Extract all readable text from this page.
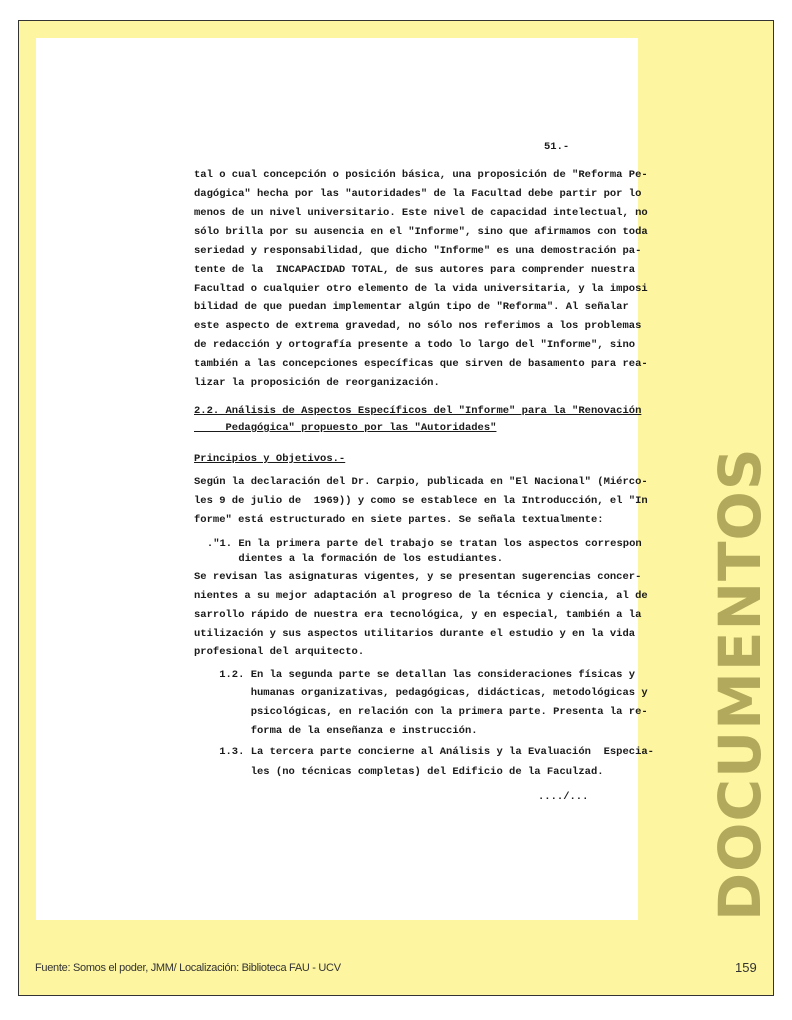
51.-
tal o cual concepción o posición básica, una proposición de "Reforma Pe-
dagógica" hecha por las "autoridades" de la Facultad debe partir por lo
menos de un nivel universitario. Este nivel de capacidad intelectual, no
sólo brilla por su ausencia en el "Informe", sino que afirmamos con toda
seriedad y responsabilidad, que dicho "Informe" es una demostración pa-
tente de la  INCAPACIDAD TOTAL, de sus autores para comprender nuestra
Facultad o cualquier otro elemento de la vida universitaria, y la imposi
bilidad de que puedan implementar algún tipo de "Reforma". Al señalar
este aspecto de extrema gravedad, no sólo nos referimos a los problemas
de redacción y ortografía presente a todo lo largo del "Informe", sino
también a las concepciones específicas que sirven de basamento para rea-
lizar la proposición de reorganización.
2.2. Análisis de Aspectos Específicos del "Informe" para la "Renovación
Pedagógica" propuesto por las "Autoridades"
Principios y Objetivos.-
Según la declaración del Dr. Carpio, publicada en "El Nacional" (Miérco-
les 9 de julio de  1969)) y como se establece en la Introducción, el "In
forme" está estructurado en siete partes. Se señala textualmente:
."1. En la primera parte del trabajo se tratan los aspectos correspon
dientes a la formación de los estudiantes.
Se revisan las asignaturas vigentes, y se presentan sugerencias concer-
nientes a su mejor adaptación al progreso de la técnica y ciencia, al de
sarrollo rápido de nuestra era tecnológica, y en especial, también a la
utilización y sus aspectos utilitarios durante el estudio y en la vida
profesional del arquitecto.
1.2. En la segunda parte se detallan las consideraciones físicas y
humanas organizativas, pedagógicas, didácticas, metodológicas y
psicológicas, en relación con la primera parte. Presenta la re-
forma de la enseñanza e instrucción.
1.3. La tercera parte concierne al Análisis y la Evaluación  Especia-
les (no técnicas completas) del Edificio de la Faculzad.
..../... DOCUMENTOS
Fuente: Somos el poder, JMM/ Localización: Biblioteca FAU - UCV	159
